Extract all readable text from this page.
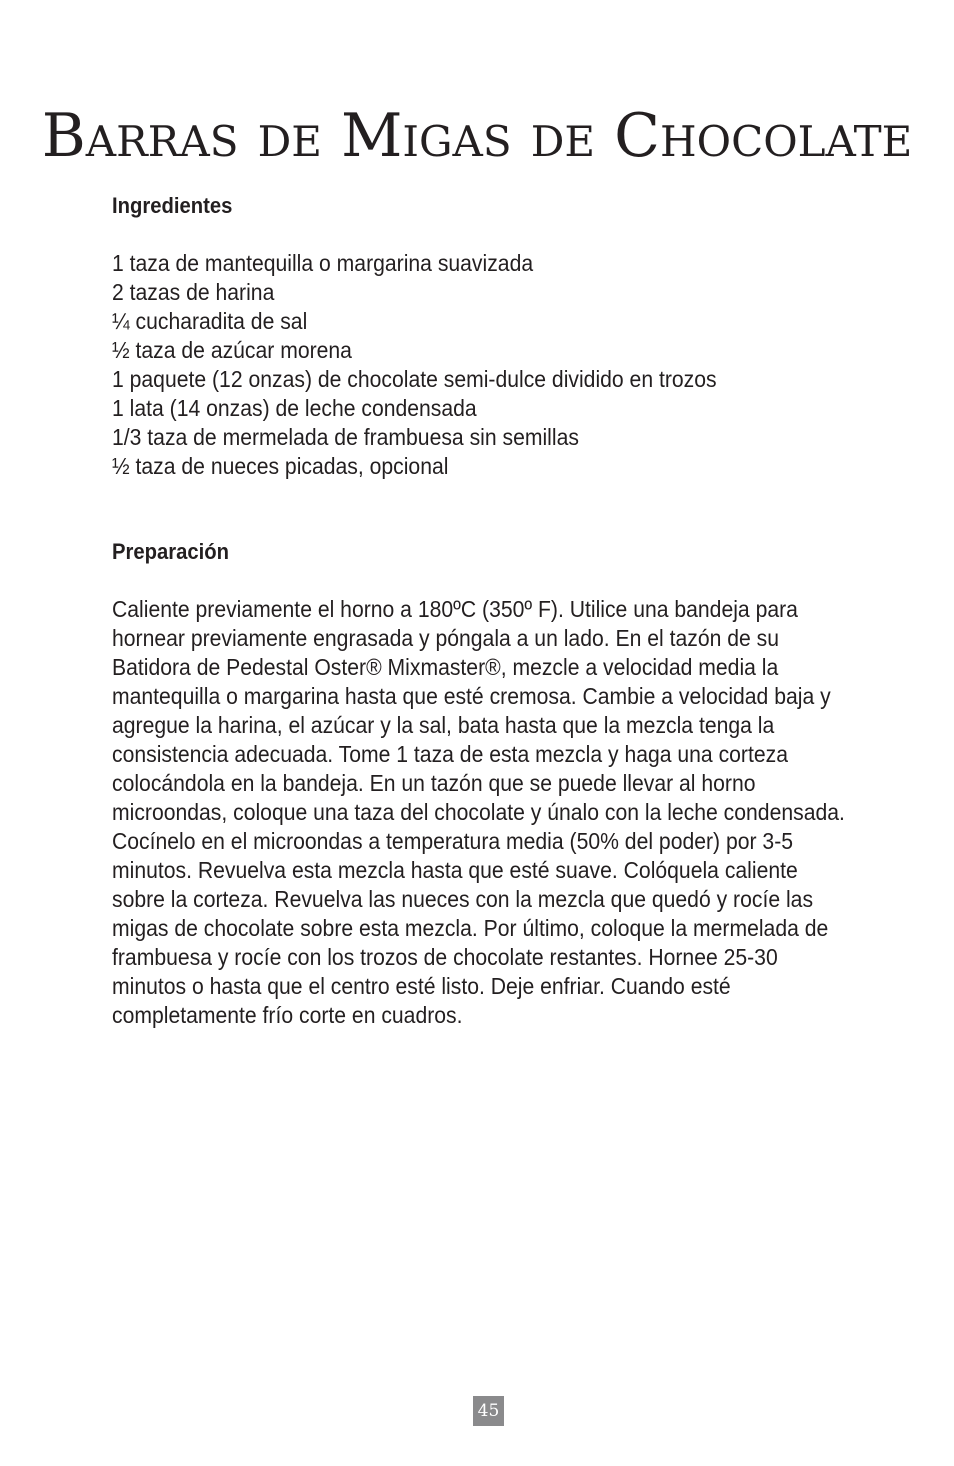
Barras de Migas de Chocolate
Ingredientes
1 taza de mantequilla o margarina suavizada
2 tazas de harina
¼ cucharadita de sal
½ taza de azúcar morena
1 paquete (12 onzas) de chocolate semi-dulce dividido en trozos
1 lata (14 onzas) de leche condensada
1/3 taza de mermelada de frambuesa sin semillas
½ taza de nueces picadas, opcional
Preparación

Caliente previamente el horno a 180ºC (350º F). Utilice una bandeja para
hornear previamente engrasada y póngala a un lado. En el tazón de su
Batidora de Pedestal Oster® Mixmaster®, mezcle a velocidad media la
mantequilla o margarina hasta que esté cremosa. Cambie a velocidad baja y
agregue la harina, el azúcar y la sal, bata hasta que la mezcla tenga la
consistencia adecuada. Tome 1 taza de esta mezcla y haga una corteza
colocándola en la bandeja. En un tazón que se puede llevar al horno
microondas, coloque una taza del chocolate y únalo con la leche condensada.
Cocínelo en el microondas a temperatura media (50% del poder) por 3-5
minutos. Revuelva esta mezcla hasta que esté suave. Colóquela caliente
sobre la corteza. Revuelva las nueces con la mezcla que quedó y rocíe las
migas de chocolate sobre esta mezcla. Por último, coloque la mermelada de
frambuesa y rocíe con los trozos de chocolate restantes. Hornee 25-30
minutos o hasta que el centro esté listo. Deje enfriar. Cuando esté
completamente frío corte en cuadros.

45
